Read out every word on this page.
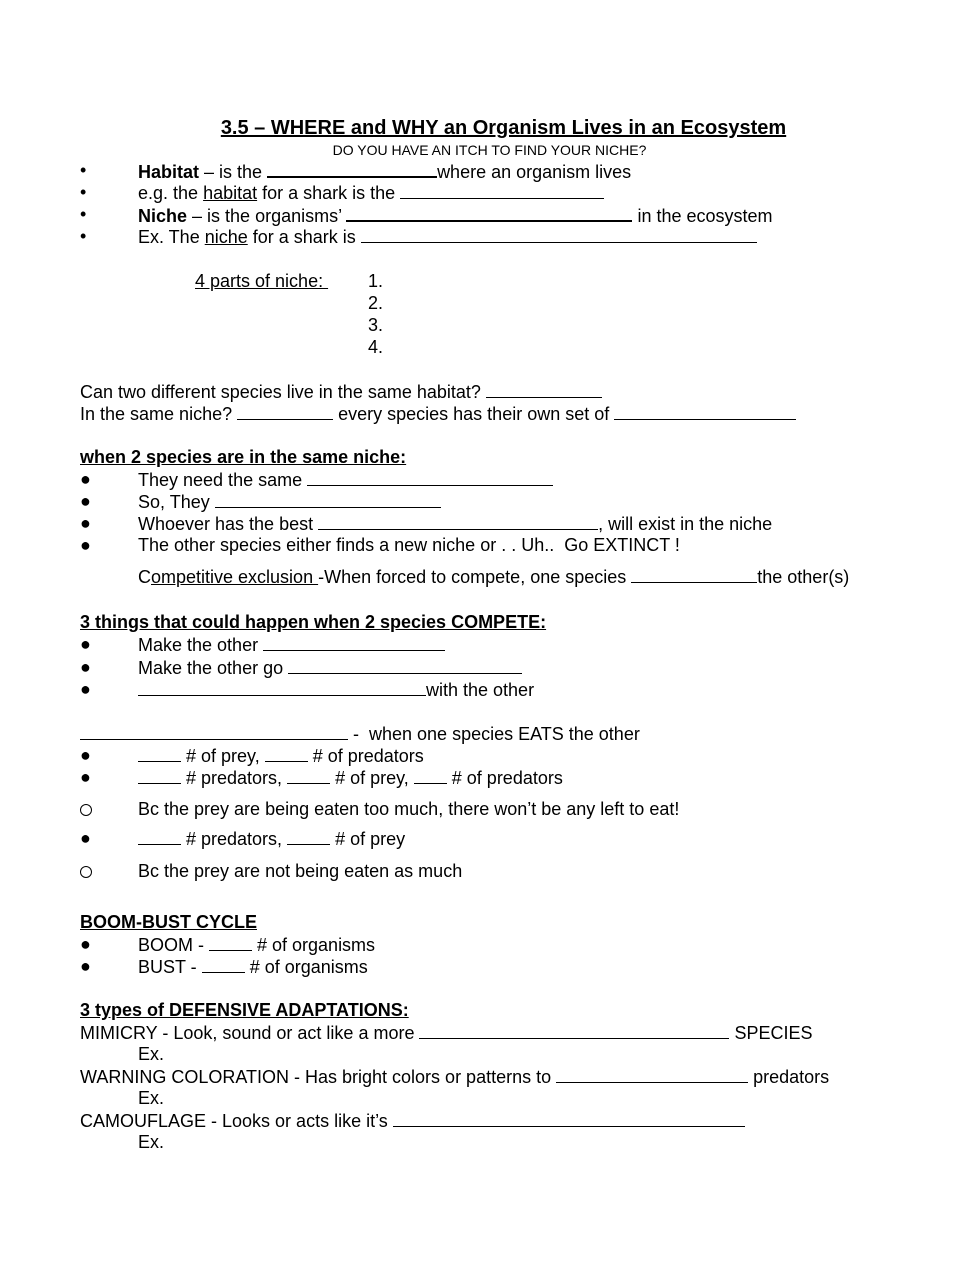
3.5 – WHERE and WHY an Organism Lives in an Ecosystem
DO YOU HAVE AN ITCH TO FIND YOUR NICHE?
•	Habitat – is the	where an organism lives
•	e.g. the habitat for a shark is the
•	Niche – is the organisms’	in the ecosystem
•	Ex. The niche for a shark is
4 parts of niche: 1.
2.
3.
4.
Can two different species live in the same habitat?
In the same niche?	every species has their own set of
when 2 species are in the same niche:
●	They need the same
●	So, They
●	Whoever has the best	, will exist in the niche
●	The other species either finds a new niche or . . Uh..  Go EXTINCT !
Competitive exclusion -When forced to compete, one species	the other(s)
3 things that could happen when 2 species COMPETE:
●	Make the other
●	Make the other go
●	with the other
-  when one species EATS the other
●	# of prey,  # of predators
●	# predators,  # of prey,  # of predators
Bc the prey are being eaten too much, there won’t be any left to eat!
●	# predators,  # of prey
Bc the prey are not being eaten as much
BOOM-BUST CYCLE
●	BOOM -  # of organisms
●	BUST -  # of organisms
3 types of DEFENSIVE ADAPTATIONS:
MIMICRY - Look, sound or act like a more	SPECIES
Ex.
WARNING COLORATION - Has bright colors or patterns to	predators
Ex.
CAMOUFLAGE - Looks or acts like it’s
Ex.
